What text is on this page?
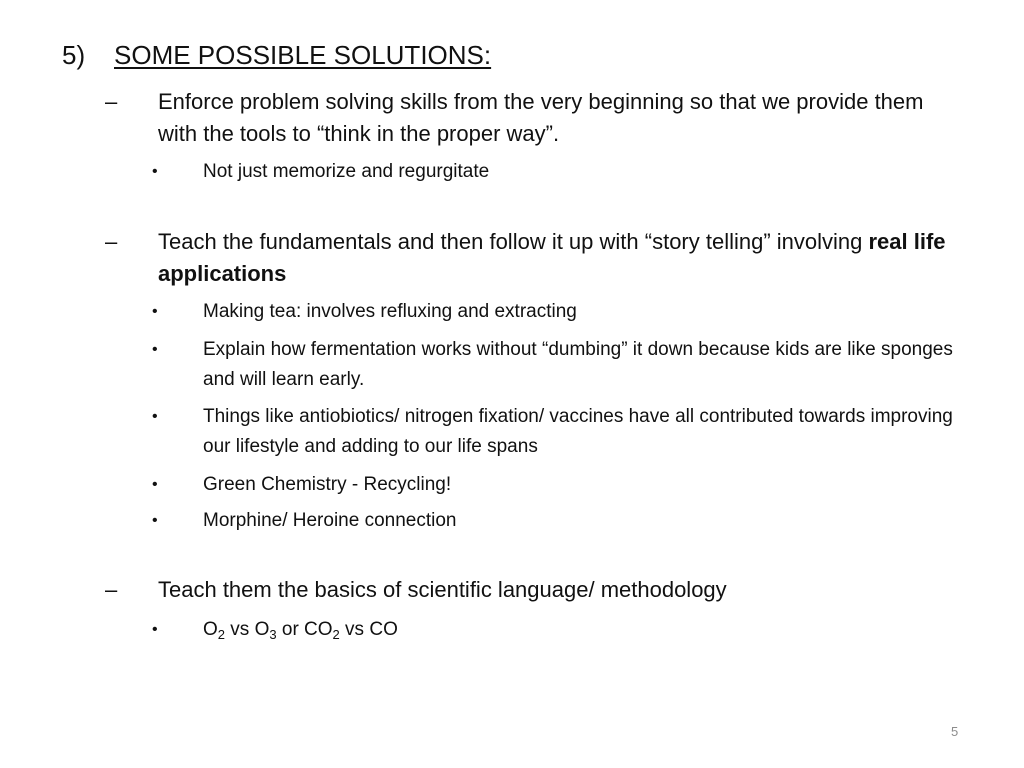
5) SOME POSSIBLE SOLUTIONS:
– Enforce problem solving skills from the very beginning so that we provide them with the tools to “think in the proper way”.
• Not just memorize and regurgitate
– Teach the fundamentals and then follow it up with “story telling” involving real life applications
• Making tea: involves refluxing and extracting
• Explain how fermentation works without “dumbing” it down because kids are like sponges and will learn early.
• Things like antiobiotics/ nitrogen fixation/ vaccines have all contributed towards improving our lifestyle and adding to our life spans
• Green Chemistry - Recycling!
• Morphine/ Heroine connection
– Teach them the basics of scientific language/ methodology
• $O_2$ vs $O_3$ or $CO_2$ vs CO
5
